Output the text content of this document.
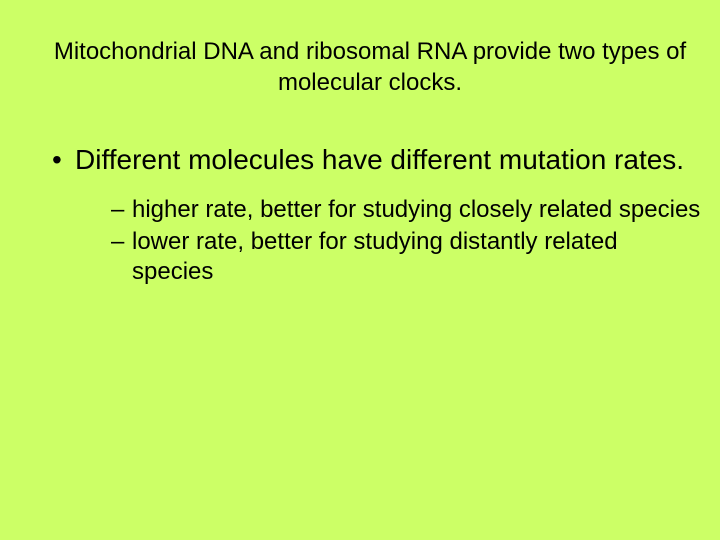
Mitochondrial DNA and ribosomal RNA provide two types of molecular clocks.
• Different molecules have different mutation rates.
– higher rate, better for studying closely related species
– lower rate, better for studying distantly related species
